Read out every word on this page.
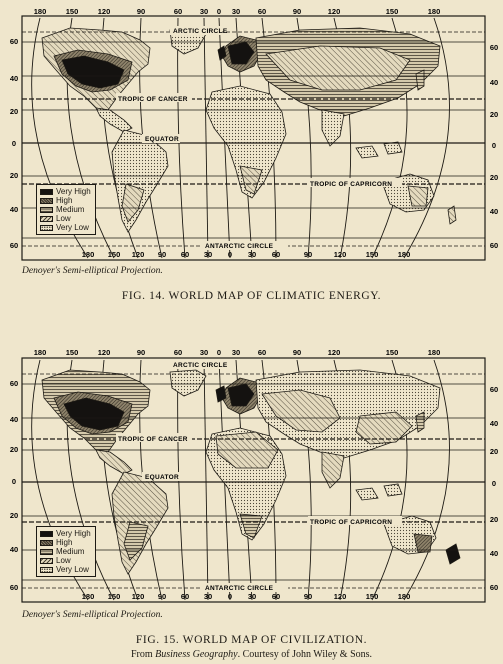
180	150	120	90	60 30 0 30 60	90	120	150	180
180 150 120 90 60 30 0 30 60	90	120	150	180
60
40
20
0
20
40
60
60
40
20
0
20
40
60
ARCTIC CIRCLE
TROPIC OF CANCER
EQUATOR
TROPIC OF CAPRICORN
ANTARCTIC CIRCLE
Very High
High
Medium
Low
Very Low
Denoyer's Semi-elliptical Projection.
FIG. 14. WORLD MAP OF CLIMATIC ENERGY.
180	150	120	90	60 30 0 30 60	90	120	150	180
180 150 120 90 60 30 0 30 60	90	120	150	180
60
40
20
0
20
40
60
60
40
20
0
20
40
60
ARCTIC CIRCLE
TROPIC OF CANCER
EQUATOR
TROPIC OF CAPRICORN
ANTARCTIC CIRCLE
Very High
High
Medium
Low
Very Low
Denoyer's Semi-elliptical Projection.
FIG. 15. WORLD MAP OF CIVILIZATION.
From Business Geography. Courtesy of John Wiley & Sons.
